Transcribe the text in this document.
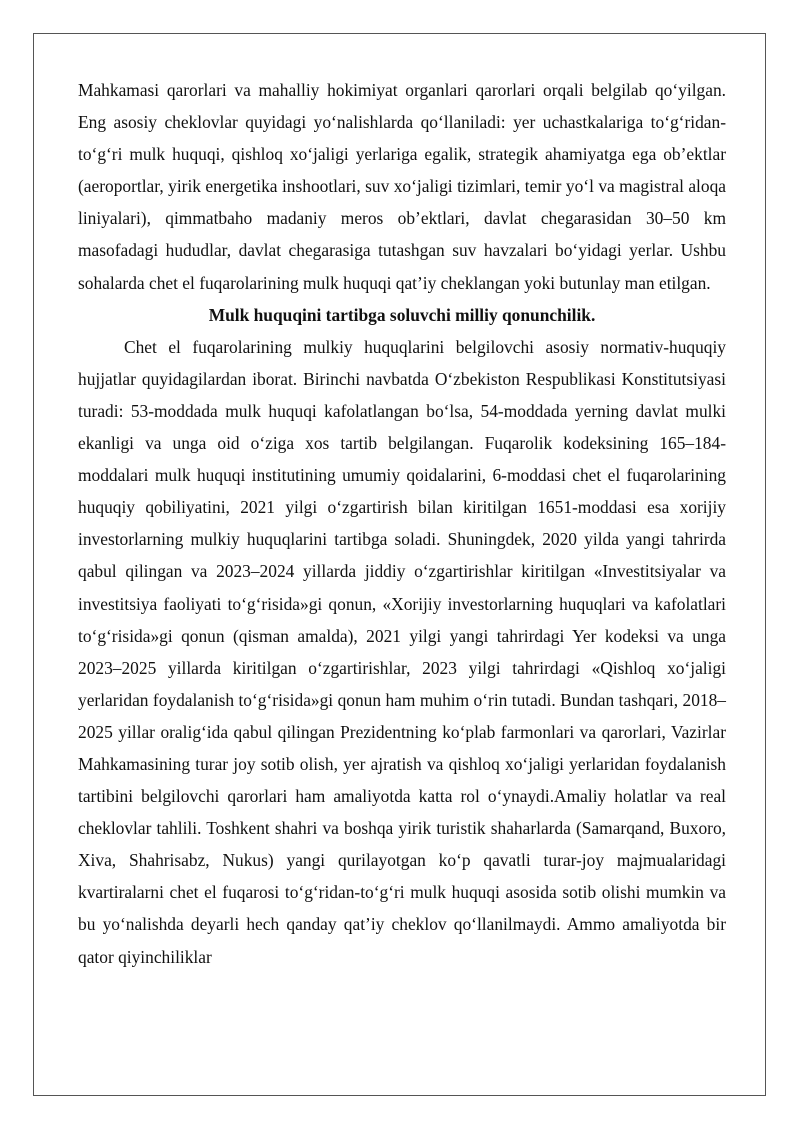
Mahkamasi qarorlari va mahalliy hokimiyat organlari qarorlari orqali belgilab qo‘yilgan. Eng asosiy cheklovlar quyidagi yo‘nalishlarda qo‘llaniladi: yer uchastkalariga to‘g‘ridan-to‘g‘ri mulk huquqi, qishloq xo‘jaligi yerlariga egalik, strategik ahamiyatga ega ob’ektlar (aeroportlar, yirik energetika inshootlari, suv xo‘jaligi tizimlari, temir yo‘l va magistral aloqa liniyalari), qimmatbaho madaniy meros ob’ektlari, davlat chegarasidan 30–50 km masofadagi hududlar, davlat chegarasiga tutashgan suv havzalari bo‘yidagi yerlar. Ushbu sohalarda chet el fuqarolarining mulk huquqi qat’iy cheklangan yoki butunlay man etilgan.

Mulk huquqini tartibga soluvchi milliy qonunchilik.

Chet el fuqarolarining mulkiy huquqlarini belgilovchi asosiy normativ-huquqiy hujjatlar quyidagilardan iborat. Birinchi navbatda O‘zbekiston Respublikasi Konstitutsiyasi turadi: 53-moddada mulk huquqi kafolatlangan bo‘lsa, 54-moddada yerning davlat mulki ekanligi va unga oid o‘ziga xos tartib belgilangan. Fuqarolik kodeksining 165–184-moddalari mulk huquqi institutining umumiy qoidalarini, 6-moddasi chet el fuqarolarining huquqiy qobiliyatini, 2021 yilgi o‘zgartirish bilan kiritilgan 1651-moddasi esa xorijiy investorlarning mulkiy huquqlarini tartibga soladi. Shuningdek, 2020 yilda yangi tahrirda qabul qilingan va 2023–2024 yillarda jiddiy o‘zgartirishlar kiritilgan «Investitsiyalar va investitsiya faoliyati to‘g‘risida»gi qonun, «Xorijiy investorlarning huquqlari va kafolatlari to‘g‘risida»gi qonun (qisman amalda), 2021 yilgi yangi tahrirdagi Yer kodeksi va unga 2023–2025 yillarda kiritilgan o‘zgartirishlar, 2023 yilgi tahrirdagi «Qishloq xo‘jaligi yerlaridan foydalanish to‘g‘risida»gi qonun ham muhim o‘rin tutadi. Bundan tashqari, 2018–2025 yillar oralig‘ida qabul qilingan Prezidentning ko‘plab farmonlari va qarorlari, Vazirlar Mahkamasining turar joy sotib olish, yer ajratish va qishloq xo‘jaligi yerlaridan foydalanish tartibini belgilovchi qarorlari ham amaliyotda katta rol o‘ynaydi.Amaliy holatlar va real cheklovlar tahlili. Toshkent shahri va boshqa yirik turistik shaharlarda (Samarqand, Buxoro, Xiva, Shahrisabz, Nukus) yangi qurilayotgan ko‘p qavatli turar-joy majmualaridagi kvartiralarni chet el fuqarosi to‘g‘ridan-to‘g‘ri mulk huquqi asosida sotib olishi mumkin va bu yo‘nalishda deyarli hech qanday qat’iy cheklov qo‘llanilmaydi. Ammo amaliyotda bir qator qiyinchiliklar
